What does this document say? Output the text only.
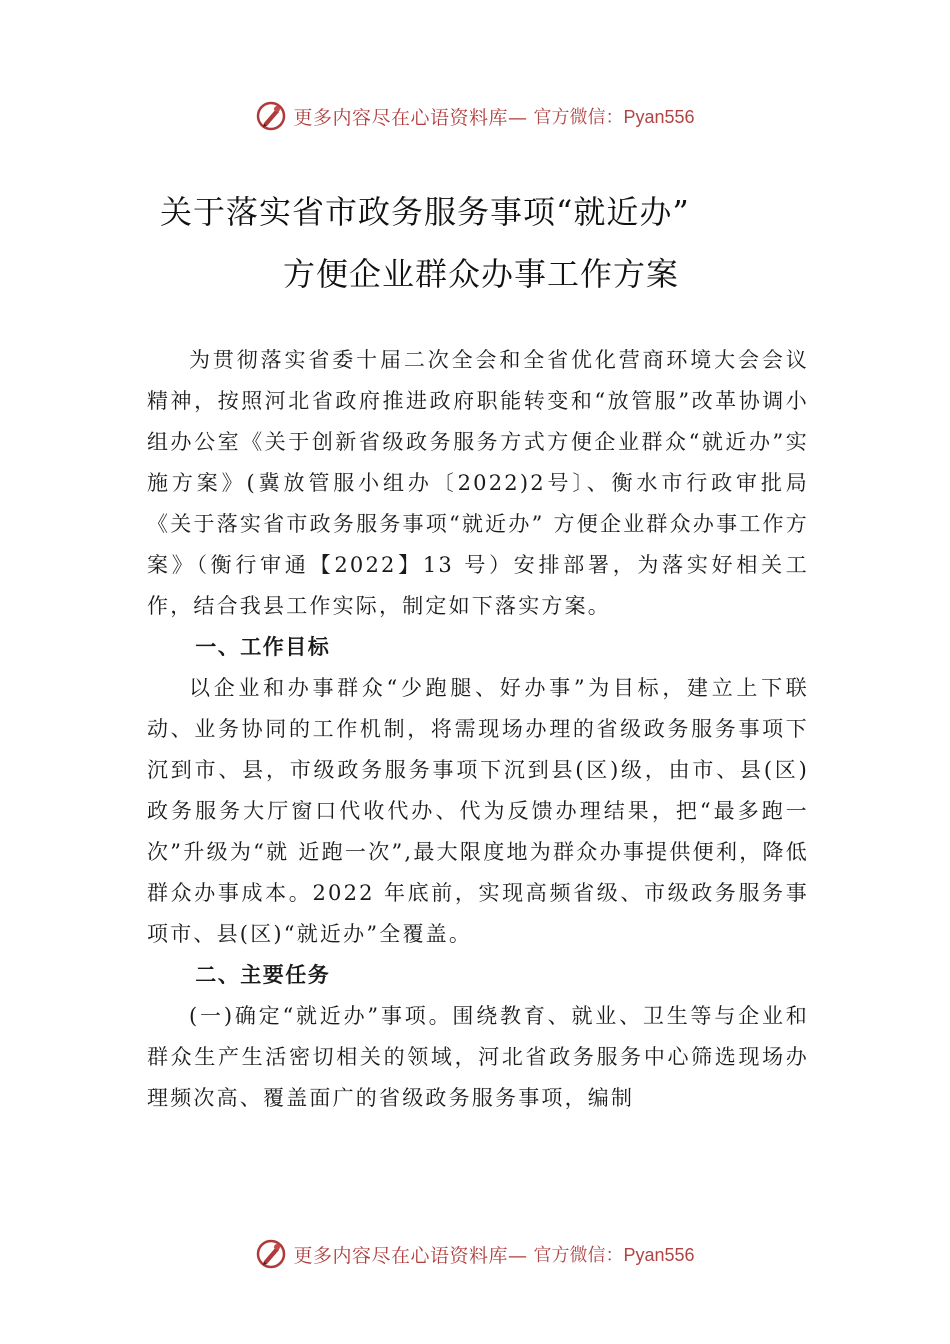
更多内容尽在心语资料库— 官方微信：Pyan556
关于落实省市政务服务事项“就近办”
方便企业群众办事工作方案

为贯彻落实省委十届二次全会和全省优化营商环境大会会议精神，按照河北省政府推进政府职能转变和“放管服”改革协调小组办公室《关于创新省级政务服务方式方便企业群众“就近办”实施方案》(冀放管服小组办〔2022)2号〕、衡水市行政审批局《关于落实省市政务服务事项“就近办” 方便企业群众办事工作方案》（衡行审通【2022】13 号）安排部署，为落实好相关工作，结合我县工作实际，制定如下落实方案。

一、工作目标

以企业和办事群众“少跑腿、好办事”为目标，建立上下联动、业务协同的工作机制，将需现场办理的省级政务服务事项下 沉到市、县，市级政务服务事项下沉到县(区)级，由市、县(区)政务服务大厅窗口代收代办、代为反馈办理结果，把“最多跑一次”升级为“就 近跑一次”,最大限度地为群众办事提供便利，降低群众办事成本。2022 年底前，实现高频省级、市级政务服务事项市、县(区)“就近办”全覆盖。

二、主要任务

(一)确定“就近办”事项。围绕教育、就业、卫生等与企业和群众生产生活密切相关的领域，河北省政务服务中心筛选现场办理频次高、覆盖面广的省级政务服务事项，编制

更多内容尽在心语资料库— 官方微信：Pyan556
